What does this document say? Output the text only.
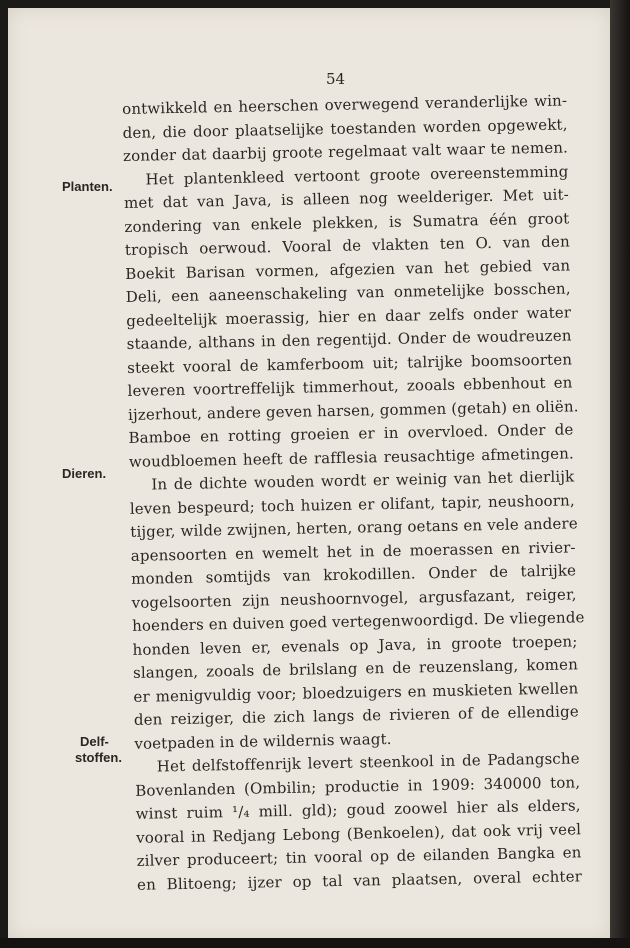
54
Planten.
Dieren.
Delf-
stoffen.
ontwikkeld en heerschen overwegend veranderlijke win-
den, die door plaatselijke toestanden worden opgewekt,
zonder dat daarbij groote regelmaat valt waar te nemen.
Het plantenkleed vertoont groote overeenstemming
met dat van Java, is alleen nog weelderiger. Met uit-
zondering van enkele plekken, is Sumatra één groot
tropisch oerwoud. Vooral de vlakten ten O. van den
Boekit Barisan vormen, afgezien van het gebied van
Deli, een aaneenschakeling van onmetelijke bosschen,
gedeeltelijk moerassig, hier en daar zelfs onder water
staande, althans in den regentijd. Onder de woudreuzen
steekt vooral de kamferboom uit; talrijke boomsoorten
leveren voortreffelijk timmerhout, zooals ebbenhout en
ijzerhout, andere geven harsen, gommen (getah) en oliën.
Bamboe en rotting groeien er in overvloed. Onder de
woudbloemen heeft de rafflesia reusachtige afmetingen.
In de dichte wouden wordt er weinig van het dierlijk
leven bespeurd; toch huizen er olifant, tapir, neushoorn,
tijger, wilde zwijnen, herten, orang oetans en vele andere
apensoorten en wemelt het in de moerassen en rivier-
monden somtijds van krokodillen. Onder de talrijke
vogelsoorten zijn neushoornvogel, argusfazant, reiger,
hoenders en duiven goed vertegenwoordigd. De vliegende
honden leven er, evenals op Java, in groote troepen;
slangen, zooals de brilslang en de reuzenslang, komen
er menigvuldig voor; bloedzuigers en muskieten kwellen
den reiziger, die zich langs de rivieren of de ellendige
voetpaden in de wildernis waagt.
Het delfstoffenrijk levert steenkool in de Padangsche
Bovenlanden (Ombilin; productie in 1909: 340000 ton,
winst ruim ¹/₄ mill. gld); goud zoowel hier als elders,
vooral in Redjang Lebong (Benkoelen), dat ook vrij veel
zilver produceert; tin vooral op de eilanden Bangka en
en Blitoeng; ijzer op tal van plaatsen, overal echter
